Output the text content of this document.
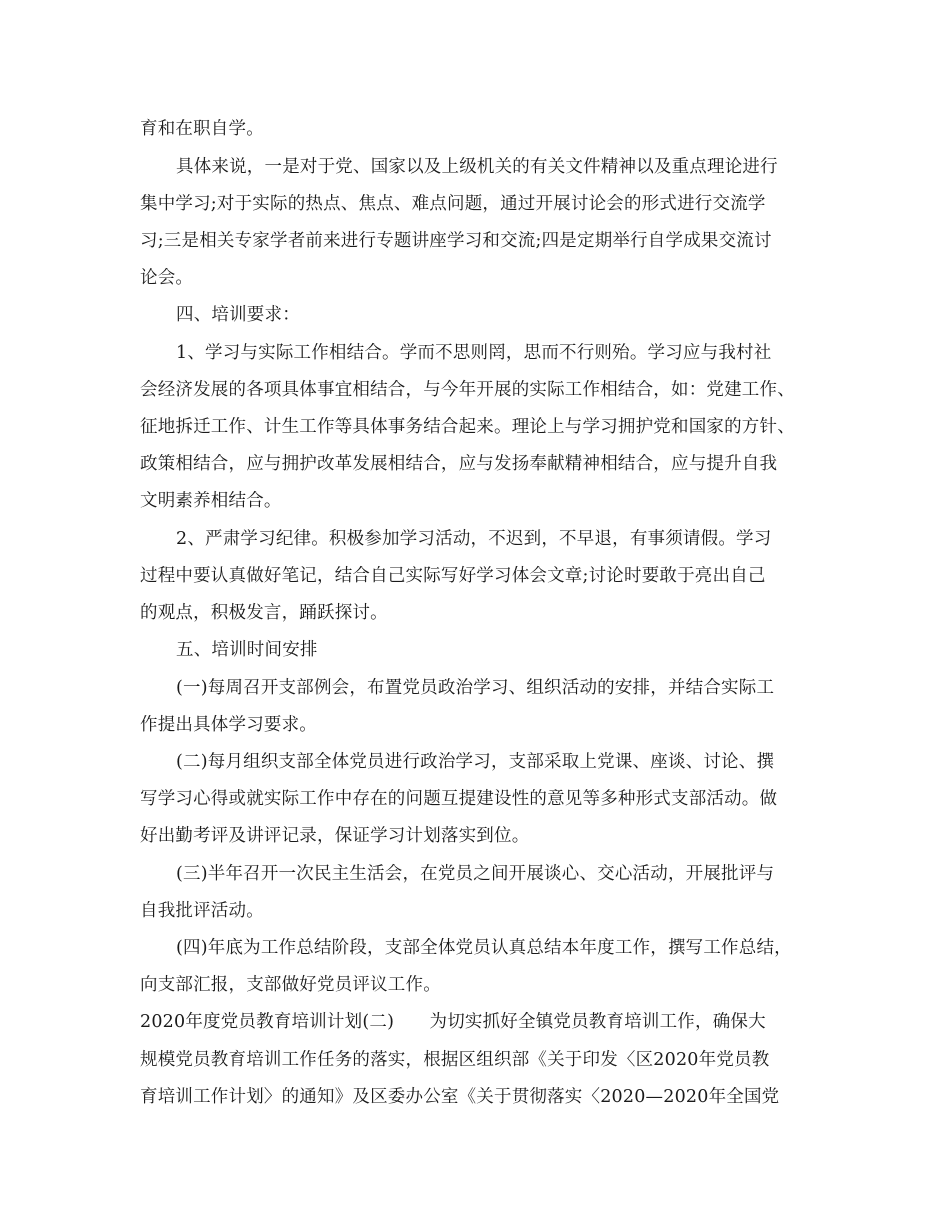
育和在职自学。
具体来说，一是对于党、国家以及上级机关的有关文件精神以及重点理论进行
集中学习;对于实际的热点、焦点、难点问题，通过开展讨论会的形式进行交流学
习;三是相关专家学者前来进行专题讲座学习和交流;四是定期举行自学成果交流讨
论会。
四、培训要求：
1、学习与实际工作相结合。学而不思则罔，思而不行则殆。学习应与我村社
会经济发展的各项具体事宜相结合，与今年开展的实际工作相结合，如：党建工作、
征地拆迁工作、计生工作等具体事务结合起来。理论上与学习拥护党和国家的方针、
政策相结合，应与拥护改革发展相结合，应与发扬奉献精神相结合，应与提升自我
文明素养相结合。
2、严肃学习纪律。积极参加学习活动，不迟到，不早退，有事须请假。学习
过程中要认真做好笔记，结合自己实际写好学习体会文章;讨论时要敢于亮出自己
的观点，积极发言，踊跃探讨。
五、培训时间安排
(一)每周召开支部例会，布置党员政治学习、组织活动的安排，并结合实际工
作提出具体学习要求。
(二)每月组织支部全体党员进行政治学习，支部采取上党课、座谈、讨论、撰
写学习心得或就实际工作中存在的问题互提建设性的意见等多种形式支部活动。做
好出勤考评及讲评记录，保证学习计划落实到位。
(三)半年召开一次民主生活会，在党员之间开展谈心、交心活动，开展批评与
自我批评活动。
(四)年底为工作总结阶段，支部全体党员认真总结本年度工作，撰写工作总结，
向支部汇报，支部做好党员评议工作。
2020年度党员教育培训计划(二)　　为切实抓好全镇党员教育培训工作，确保大
规模党员教育培训工作任务的落实，根据区组织部《关于印发〈区2020年党员教
育培训工作计划〉的通知》及区委办公室《关于贯彻落实〈2020—2020年全国党
